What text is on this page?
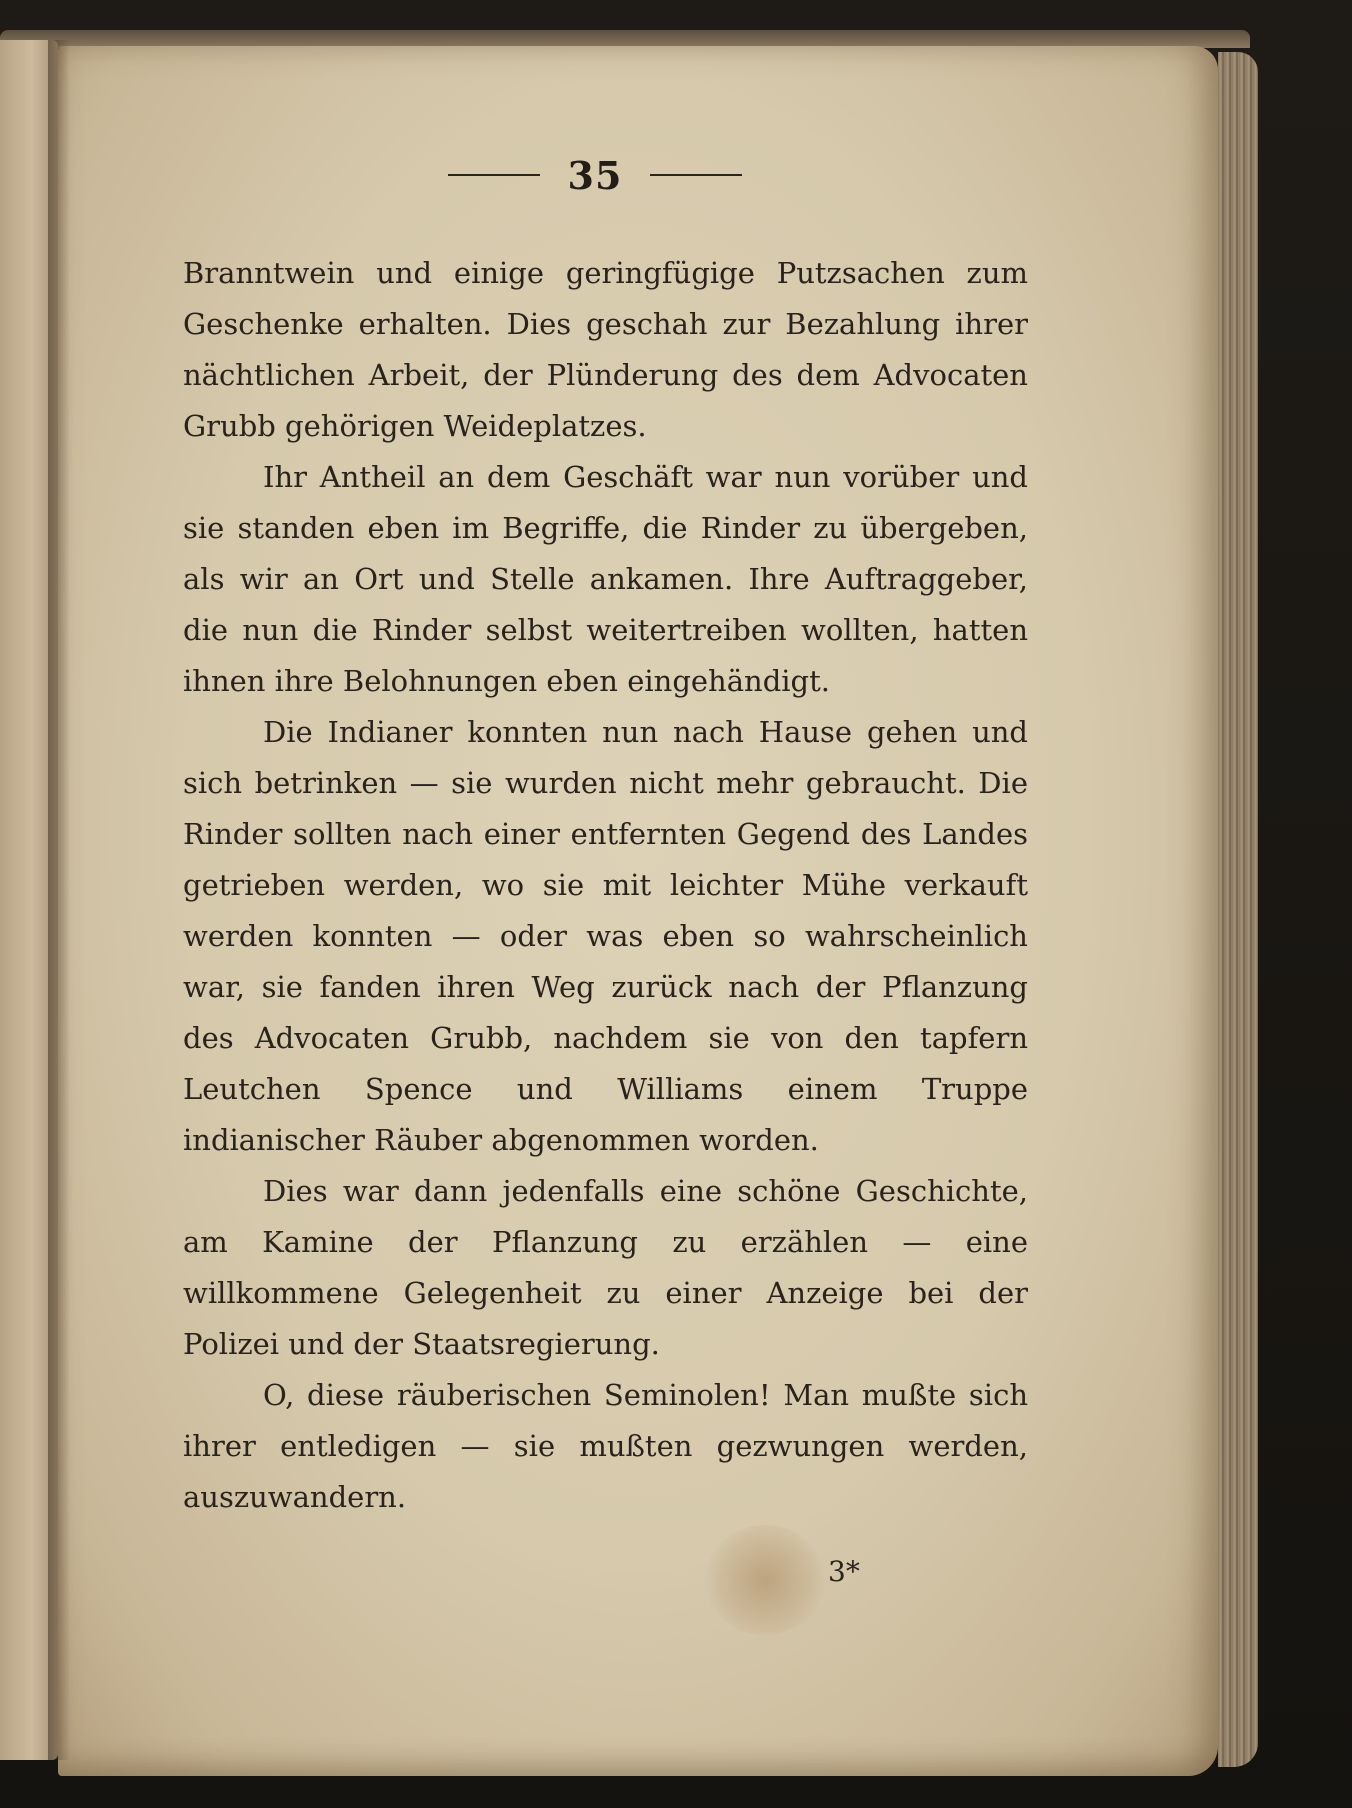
35

Branntwein und einige geringfügige Putzsachen zum Geschenke erhalten. Dies geschah zur Bezahlung ihrer nächtlichen Arbeit, der Plünderung des dem Advocaten Grubb gehörigen Weideplatzes.

Ihr Antheil an dem Geschäft war nun vorüber und sie standen eben im Begriffe, die Rinder zu übergeben, als wir an Ort und Stelle ankamen. Ihre Auftraggeber, die nun die Rinder selbst weitertreiben wollten, hatten ihnen ihre Belohnungen eben eingehändigt.

Die Indianer konnten nun nach Hause gehen und sich betrinken — sie wurden nicht mehr gebraucht. Die Rinder sollten nach einer entfernten Gegend des Landes getrieben werden, wo sie mit leichter Mühe verkauft werden konnten — oder was eben so wahrscheinlich war, sie fanden ihren Weg zurück nach der Pflanzung des Advocaten Grubb, nachdem sie von den tapfern Leutchen Spence und Williams einem Truppe indianischer Räuber abgenommen worden.

Dies war dann jedenfalls eine schöne Geschichte, am Kamine der Pflanzung zu erzählen — eine willkommene Gelegenheit zu einer Anzeige bei der Polizei und der Staatsregierung.

O, diese räuberischen Seminolen! Man mußte sich ihrer entledigen — sie mußten gezwungen werden, auszuwandern.

3*
